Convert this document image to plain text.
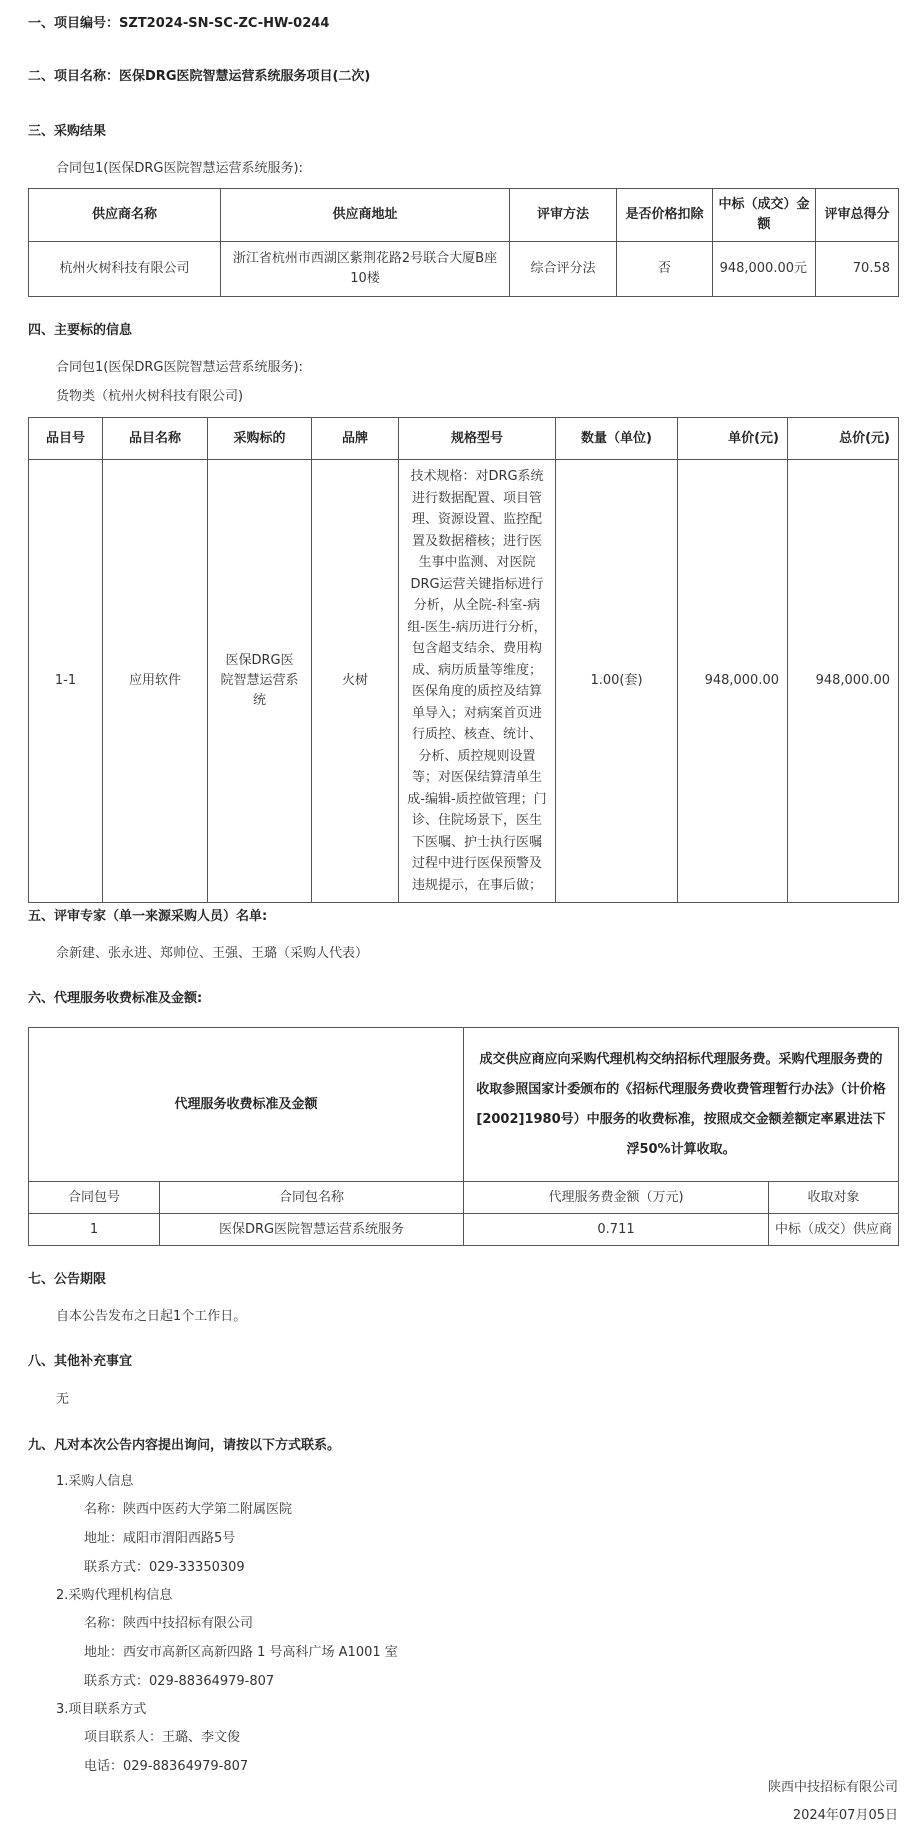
一、项目编号：SZT2024-SN-SC-ZC-HW-0244
二、项目名称：医保DRG医院智慧运营系统服务项目(二次)
三、采购结果
合同包1(医保DRG医院智慧运营系统服务):
供应商名称	供应商地址	评审方法	是否价格扣除	中标（成交）金额	评审总得分
杭州火树科技有限公司	浙江省杭州市西湖区紫荆花路2号联合大厦B座10楼	综合评分法	否	948,000.00元	70.58
四、主要标的信息
合同包1(医保DRG医院智慧运营系统服务):
货物类（杭州火树科技有限公司)
品目号	品目名称	采购标的	品牌	规格型号	数量（单位)	单价(元)	总价(元)
1-1	应用软件	医保DRG医院智慧运营系统	火树	技术规格：对DRG系统进行数据配置、项目管理、资源设置、监控配置及数据稽核；进行医生事中监测、对医院DRG运营关键指标进行分析，从全院-科室-病组-医生-病历进行分析，包含超支结余、费用构成、病历质量等维度；医保角度的质控及结算单导入；对病案首页进行质控、核查、统计、分析、质控规则设置等；对医保结算清单生成-编辑-质控做管理；门诊、住院场景下，医生下医嘱、护士执行医嘱过程中进行医保预警及违规提示，在事后做；	1.00(套)	948,000.00	948,000.00
五、评审专家（单一来源采购人员）名单:
佘新建、张永进、郑帅位、王强、王璐（采购人代表）
六、代理服务收费标准及金额:
代理服务收费标准及金额		成交供应商应向采购代理机构交纳招标代理服务费。采购代理服务费的收取参照国家计委颁布的《招标代理服务费收费管理暂行办法》（计价格[2002]1980号）中服务的收费标准，按照成交金额差额定率累进法下浮50%计算收取。	
合同包号	合同包名称	代理服务费金额（万元)	收取对象
1	医保DRG医院智慧运营系统服务	0.711	中标（成交）供应商
七、公告期限
自本公告发布之日起1个工作日。
八、其他补充事宜
无
九、凡对本次公告内容提出询问，请按以下方式联系。
1.采购人信息
名称：陕西中医药大学第二附属医院
地址：咸阳市渭阳西路5号
联系方式：029-33350309
2.采购代理机构信息
名称：陕西中技招标有限公司
地址：西安市高新区高新四路 1 号高科广场 A1001 室
联系方式：029-88364979-807
3.项目联系方式
项目联系人：王璐、李文俊
电话：029-88364979-807
陕西中技招标有限公司
2024年07月05日
